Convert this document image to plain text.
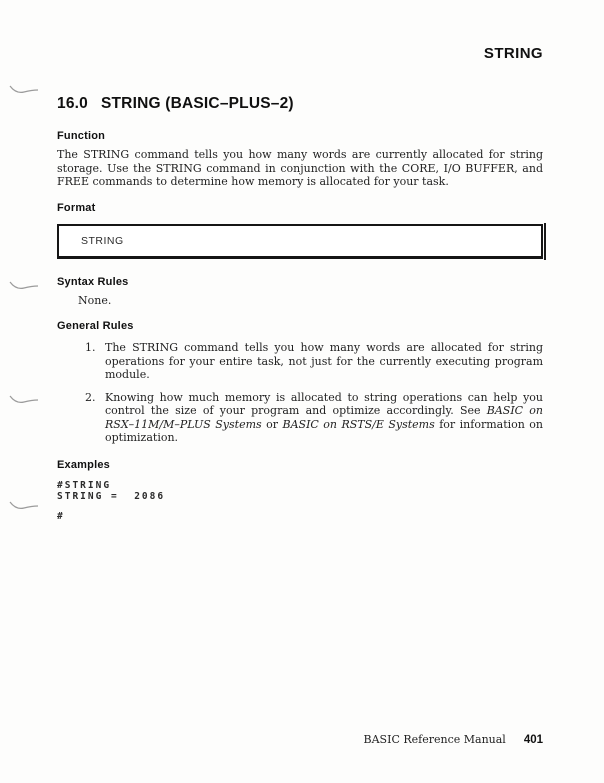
STRING
16.0 STRING (BASIC–PLUS–2)
Function
The STRING command tells you how many words are currently allocated for string storage. Use the STRING command in conjunction with the CORE, I/O BUFFER, and FREE commands to determine how memory is allocated for your task.
Format
STRING
Syntax Rules
None.
General Rules
1. The STRING command tells you how many words are allocated for string operations for your entire task, not just for the currently executing program module.
2. Knowing how much memory is allocated to string operations can help you control the size of your program and optimize accordingly. See BASIC on RSX–11M/M–PLUS Systems or BASIC on RSTS/E Systems for information on optimization.
Examples
#STRING
STRING =  2086
#
BASIC Reference Manual 401
